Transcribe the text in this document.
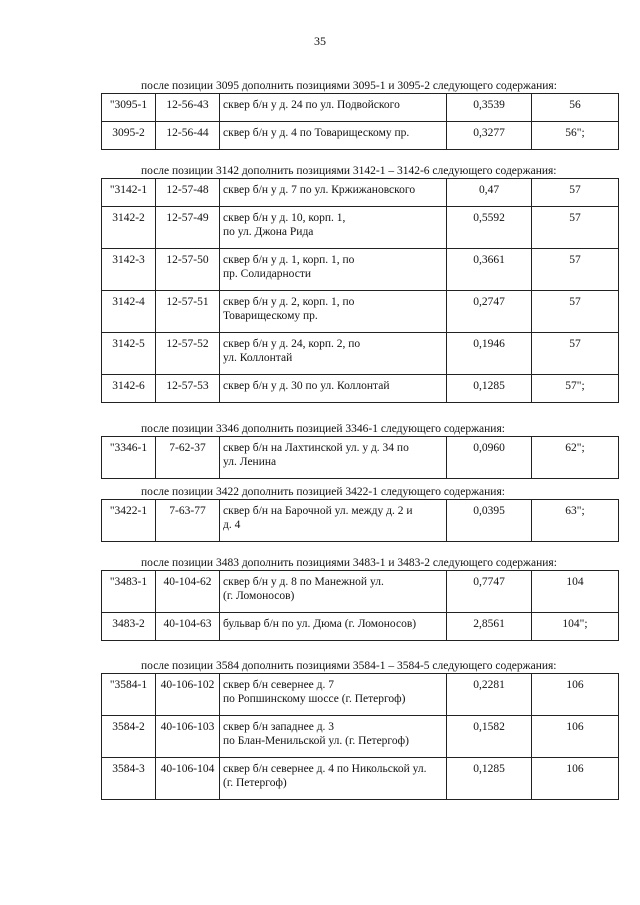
35
после позиции 3095 дополнить позициями 3095-1 и 3095-2 следующего содержания:
"3095-1	12-56-43	сквер б/н у д. 24 по ул. Подвойского	0,3539	56
3095-2	12-56-44	сквер б/н у д. 4 по Товарищескому пр.	0,3277	56";
после позиции 3142 дополнить позициями 3142-1 – 3142-6 следующего содержания:
"3142-1	12-57-48	сквер б/н у д. 7 по ул. Кржижановского	0,47	57
3142-2	12-57-49	сквер б/н у д. 10, корп. 1,
по ул. Джона Рида	0,5592	57
3142-3	12-57-50	сквер б/н у д. 1, корп. 1, по
пр. Солидарности	0,3661	57
3142-4	12-57-51	сквер б/н у д. 2, корп. 1, по
Товарищескому пр.	0,2747	57
3142-5	12-57-52	сквер б/н у д. 24, корп. 2, по
ул. Коллонтай	0,1946	57
3142-6	12-57-53	сквер б/н у д. 30 по ул. Коллонтай	0,1285	57";
после позиции 3346 дополнить позицией 3346-1 следующего содержания:
"3346-1	7-62-37	сквер б/н на Лахтинской ул. у д. 34 по
ул. Ленина	0,0960	62";
после позиции 3422 дополнить позицией 3422-1 следующего содержания:
"3422-1	7-63-77	сквер б/н на Барочной ул. между д. 2 и
д. 4	0,0395	63";
после позиции 3483 дополнить позициями 3483-1 и 3483-2 следующего содержания:
"3483-1	40-104-62	сквер б/н у д. 8 по Манежной ул.
(г. Ломоносов)	0,7747	104
3483-2	40-104-63	бульвар б/н по ул. Дюма (г. Ломоносов)	2,8561	104";
после позиции 3584 дополнить позициями 3584-1 – 3584-5 следующего содержания:
"3584-1	40-106-102	сквер б/н севернее д. 7
по Ропшинскому шоссе (г. Петергоф)	0,2281	106
3584-2	40-106-103	сквер б/н западнее д. 3
по Блан-Менильской ул. (г. Петергоф)	0,1582	106
3584-3	40-106-104	сквер б/н севернее д. 4 по Никольской ул.
(г. Петергоф)	0,1285	106
